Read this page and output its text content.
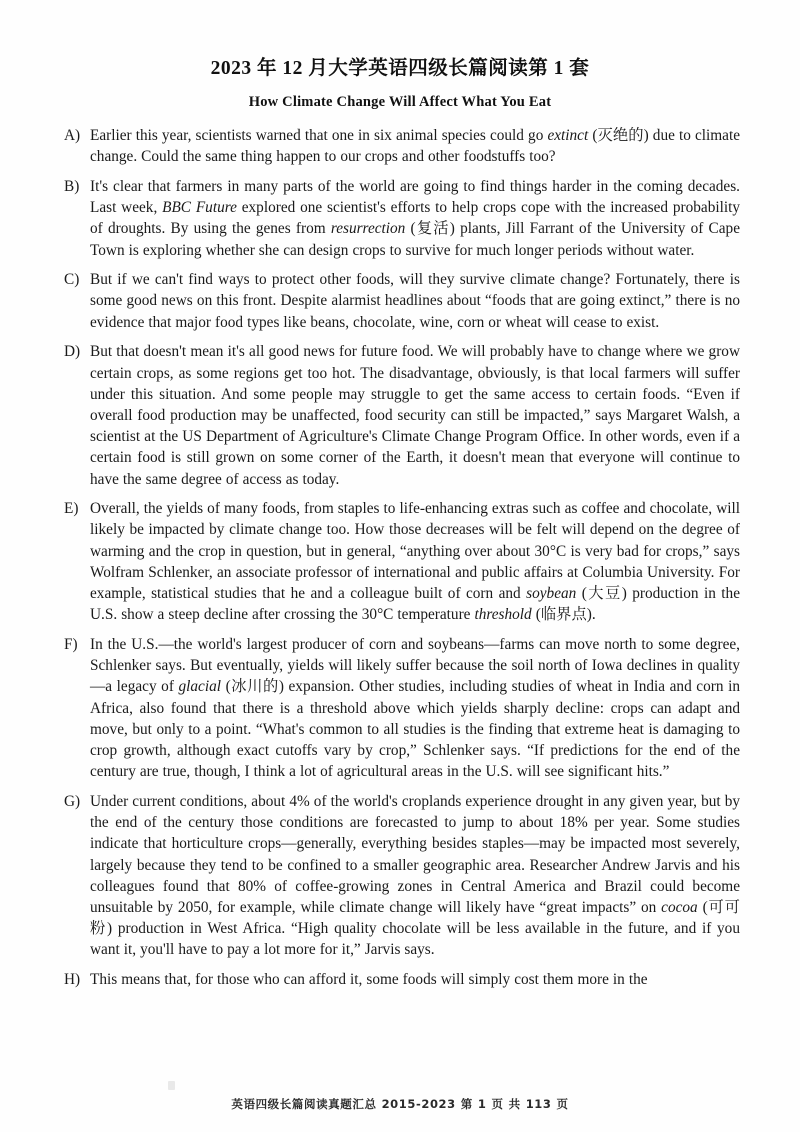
2023 年 12 月大学英语四级长篇阅读第 1 套
How Climate Change Will Affect What You Eat
A) Earlier this year, scientists warned that one in six animal species could go extinct (灭绝的) due to climate change. Could the same thing happen to our crops and other foodstuffs too?
B) It's clear that farmers in many parts of the world are going to find things harder in the coming decades. Last week, BBC Future explored one scientist's efforts to help crops cope with the increased probability of droughts. By using the genes from resurrection (复活) plants, Jill Farrant of the University of Cape Town is exploring whether she can design crops to survive for much longer periods without water.
C) But if we can't find ways to protect other foods, will they survive climate change? Fortunately, there is some good news on this front. Despite alarmist headlines about “foods that are going extinct,” there is no evidence that major food types like beans, chocolate, wine, corn or wheat will cease to exist.
D) But that doesn't mean it's all good news for future food. We will probably have to change where we grow certain crops, as some regions get too hot. The disadvantage, obviously, is that local farmers will suffer under this situation. And some people may struggle to get the same access to certain foods. “Even if overall food production may be unaffected, food security can still be impacted,” says Margaret Walsh, a scientist at the US Department of Agriculture's Climate Change Program Office. In other words, even if a certain food is still grown on some corner of the Earth, it doesn't mean that everyone will continue to have the same degree of access as today.
E) Overall, the yields of many foods, from staples to life-enhancing extras such as coffee and chocolate, will likely be impacted by climate change too. How those decreases will be felt will depend on the degree of warming and the crop in question, but in general, “anything over about 30°C is very bad for crops,” says Wolfram Schlenker, an associate professor of international and public affairs at Columbia University. For example, statistical studies that he and a colleague built of corn and soybean (大豆) production in the U.S. show a steep decline after crossing the 30°C temperature threshold (临界点).
F) In the U.S.—the world's largest producer of corn and soybeans—farms can move north to some degree, Schlenker says. But eventually, yields will likely suffer because the soil north of Iowa declines in quality—a legacy of glacial (冰川的) expansion. Other studies, including studies of wheat in India and corn in Africa, also found that there is a threshold above which yields sharply decline: crops can adapt and move, but only to a point. “What's common to all studies is the finding that extreme heat is damaging to crop growth, although exact cutoffs vary by crop,” Schlenker says. “If predictions for the end of the century are true, though, I think a lot of agricultural areas in the U.S. will see significant hits.”
G) Under current conditions, about 4% of the world's croplands experience drought in any given year, but by the end of the century those conditions are forecasted to jump to about 18% per year. Some studies indicate that horticulture crops—generally, everything besides staples—may be impacted most severely, largely because they tend to be confined to a smaller geographic area. Researcher Andrew Jarvis and his colleagues found that 80% of coffee-growing zones in Central America and Brazil could become unsuitable by 2050, for example, while climate change will likely have “great impacts” on cocoa (可可粉) production in West Africa. “High quality chocolate will be less available in the future, and if you want it, you'll have to pay a lot more for it,” Jarvis says.
H) This means that, for those who can afford it, some foods will simply cost them more in the
英语四级长篇阅读真题汇总 2015-2023 第 1 页 共 113 页
